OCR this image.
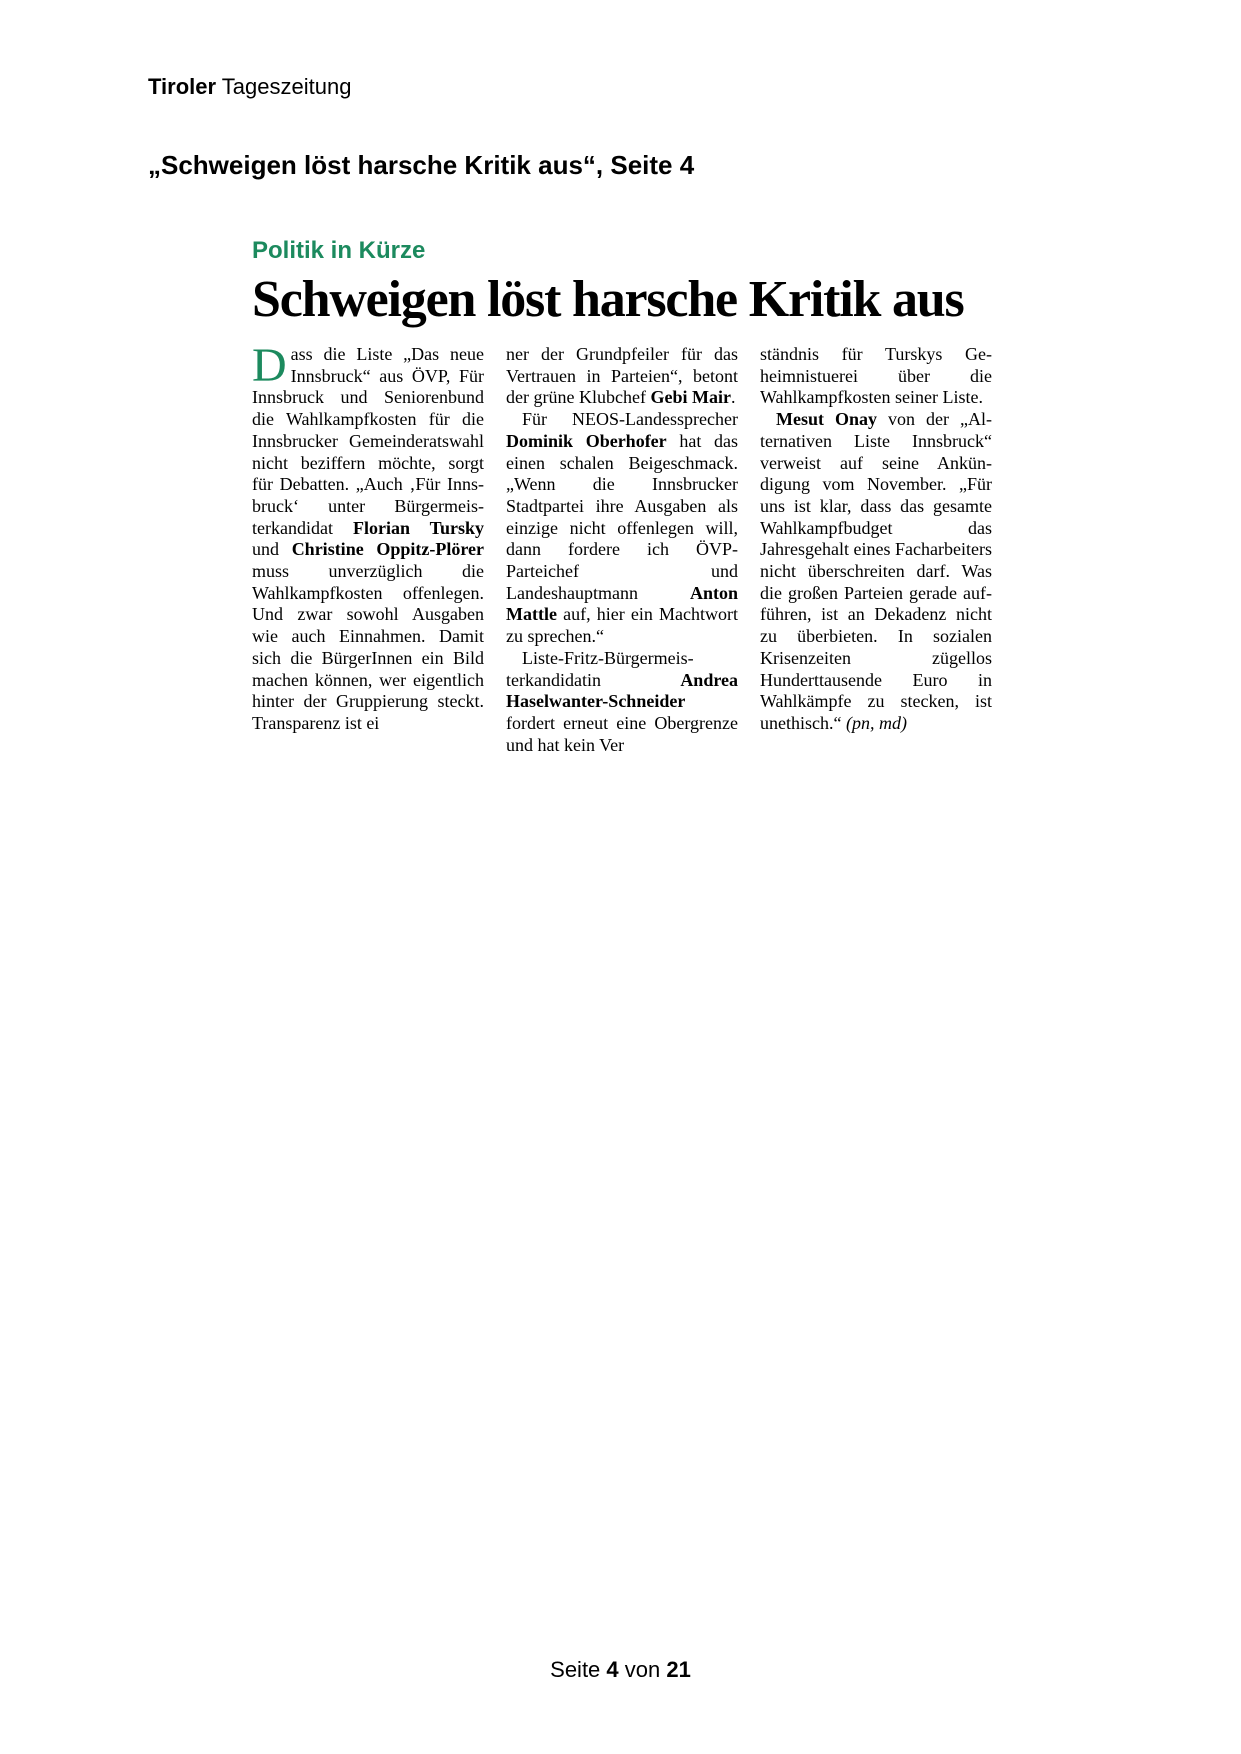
Tiroler Tageszeitung
„Schweigen löst harsche Kritik aus“, Seite 4
Politik in Kürze
Schweigen löst harsche Kritik aus

Dass die Liste „Das neue Innsbruck“ aus ÖVP, Für Innsbruck und Seniorenbund die Wahlkampfkosten für die Innsbrucker Gemeinderatswahl nicht beziffern möchte, sorgt für Debatten. „Auch ‚Für Innsbruck‘ unter Bürgermeisterkandidat Florian Tursky und Christine Oppitz-Plörer muss unverzüglich die Wahlkampfkosten offenlegen. Und zwar sowohl Ausgaben wie auch Einnahmen. Damit sich die BürgerInnen ein Bild machen können, wer eigentlich hinter der Gruppierung steckt. Transparenz ist ei

ner der Grundpfeiler für das Vertrauen in Parteien“, betont der grüne Klubchef Gebi Mair.

Für NEOS-Landessprecher Dominik Oberhofer hat das einen schalen Beigeschmack. „Wenn die Innsbrucker Stadtpartei ihre Ausgaben als einzige nicht offenlegen will, dann fordere ich ÖVP-Parteichef und Landeshauptmann Anton Mattle auf, hier ein Machtwort zu sprechen.“

Liste-Fritz-Bürgermeisterkandidatin Andrea Haselwanter-Schneider fordert erneut eine Obergrenze und hat kein Ver

ständnis für Turskys Geheimnistuerei über die Wahlkampfkosten seiner Liste.

Mesut Onay von der „Alternativen Liste Innsbruck“ verweist auf seine Ankündigung vom November. „Für uns ist klar, dass das gesamte Wahlkampfbudget das Jahresgehalt eines Facharbeiters nicht überschreiten darf. Was die großen Parteien gerade aufführen, ist an Dekadenz nicht zu überbieten. In sozialen Krisenzeiten zügellos Hunderttausende Euro in Wahlkämpfe zu stecken, ist unethisch.“ (pn, md)

Seite 4 von 21
